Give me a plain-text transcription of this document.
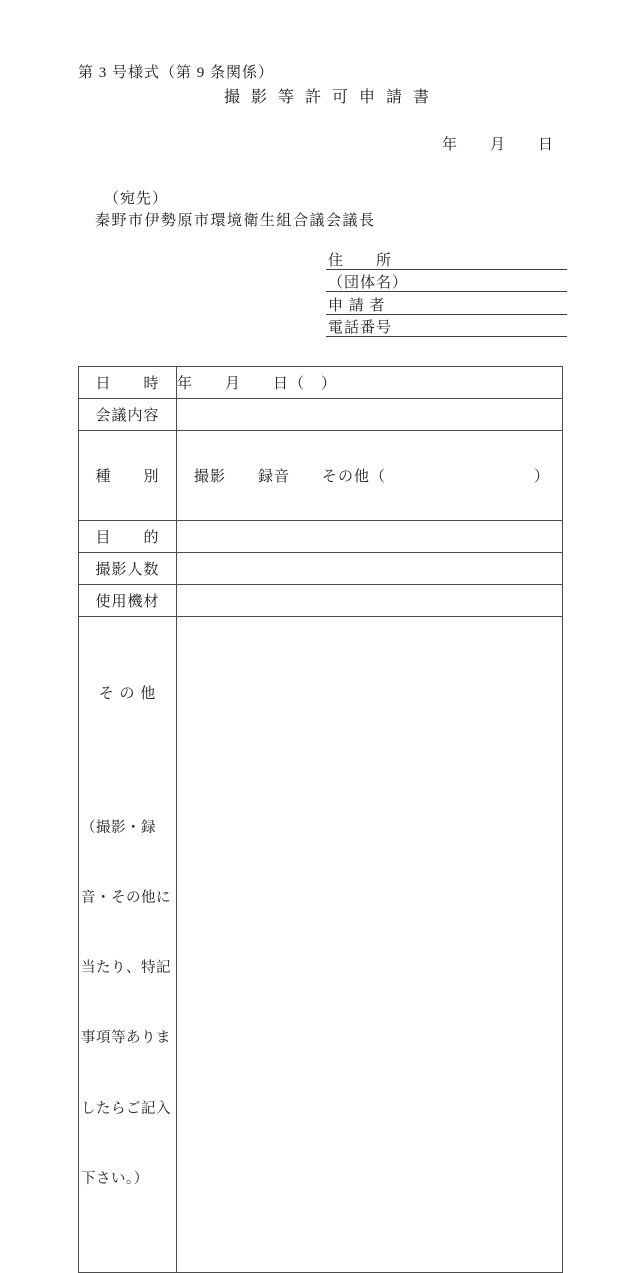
第 3 号様式（第 9 条関係）
撮影等許可申請書
年　　月　　日
（宛先）
秦野市伊勢原市環境衛生組合議会議長
住　　所
（団体名）
申 請 者
電話番号
日　　時	年　　月　　日（　）
会議内容	
種　　別	撮影　　録音　　その他（ ）

目　　的	
撮影人数	
使用機材	

そ の 他

（撮影・録

音・その他に

当たり、特記

事項等ありま

したらご記入

下さい。）
